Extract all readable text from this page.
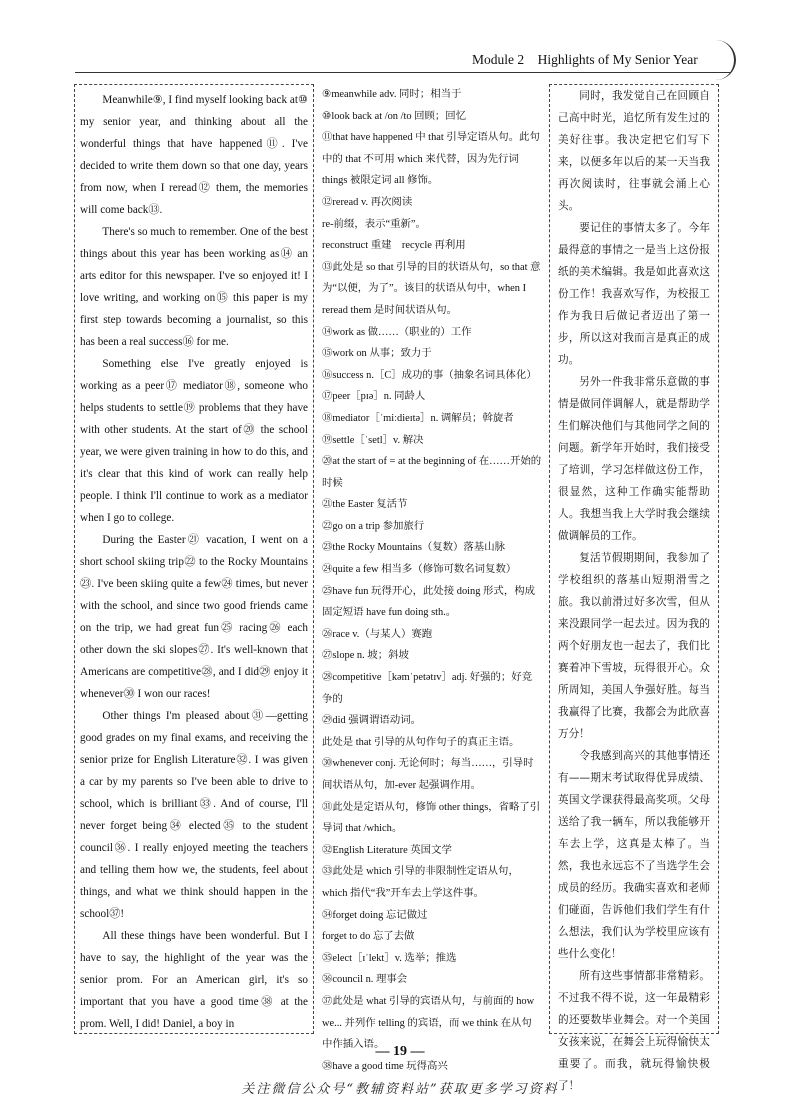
Module 2 Highlights of My Senior Year

Meanwhile⑨, I find myself looking back at⑩ my senior year, and thinking about all the wonderful things that have happened⑪. I've decided to write them down so that one day, years from now, when I reread⑫ them, the memories will come back⑬.

There's so much to remember. One of the best things about this year has been working as⑭ an arts editor for this newspaper. I've so enjoyed it! I love writing, and working on⑮ this paper is my first step towards becoming a journalist, so this has been a real success⑯ for me.

Something else I've greatly enjoyed is working as a peer⑰ mediator⑱, someone who helps students to settle⑲ problems that they have with other students. At the start of⑳ the school year, we were given training in how to do this, and it's clear that this kind of work can really help people. I think I'll continue to work as a mediator when I go to college.

During the Easter㉑ vacation, I went on a short school skiing trip㉒ to the Rocky Mountains㉓. I've been skiing quite a few㉔ times, but never with the school, and since two good friends came on the trip, we had great fun㉕ racing㉖ each other down the ski slopes㉗. It's well-known that Americans are competitive㉘, and I did㉙ enjoy it whenever㉚ I won our races!

Other things I'm pleased about㉛—getting good grades on my final exams, and receiving the senior prize for English Literature㉜. I was given a car by my parents so I've been able to drive to school, which is brilliant㉝. And of course, I'll never forget being㉞ elected㉟ to the student council㊱. I really enjoyed meeting the teachers and telling them how we, the students, feel about things, and what we think should happen in the school㊲!

All these things have been wonderful. But I have to say, the highlight of the year was the senior prom. For an American girl, it's so important that you have a good time㊳ at the prom. Well, I did! Daniel, a boy in

⑨meanwhile adv. 同时；相当于

⑩look back at /on /to 回顾；回忆

⑪that have happened 中 that 引导定语从句。此句中的 that 不可用 which 来代替，因为先行词 things 被限定词 all 修饰。

⑫reread v. 再次阅读

re-前缀，表示“重新”。

reconstruct 重建　recycle 再利用

⑬此处是 so that 引导的目的状语从句，so that 意为“以便，为了”。该目的状语从句中，when I reread them 是时间状语从句。

⑭work as 做……（职业的）工作

⑮work on 从事；致力于

⑯success n.［C］成功的事（抽象名词具体化）

⑰peer［pɪə］n. 同龄人

⑱mediator［ˈmiːdieɪtə］n. 调解员；斡旋者

⑲settle［ˈsetl］v. 解决

⑳at the start of = at the beginning of 在……开始的时候

㉑the Easter 复活节

㉒go on a trip 参加旅行

㉓the Rocky Mountains（复数）落基山脉

㉔quite a few 相当多（修饰可数名词复数）

㉕have fun 玩得开心，此处接 doing 形式，构成固定短语 have fun doing sth.。

㉖race v.（与某人）赛跑

㉗slope n. 坡；斜坡

㉘competitive［kəmˈpetətɪv］adj. 好强的；好竞争的

㉙did 强调谓语动词。

此处是 that 引导的从句作句子的真正主语。

㉚whenever conj. 无论何时；每当……，引导时间状语从句，加-ever 起强调作用。

㉛此处是定语从句，修饰 other things，省略了引导词 that /which。

㉜English Literature 英国文学

㉝此处是 which 引导的非限制性定语从句，which 指代“我”开车去上学这件事。

㉞forget doing 忘记做过

forget to do 忘了去做

㉟elect［ɪˈlekt］v. 选举；推选

㊱council n. 理事会

㊲此处是 what 引导的宾语从句，与前面的 how we... 并列作 telling 的宾语，而 we think 在从句中作插入语。

㊳have a good time 玩得高兴

同时，我发觉自己在回顾自己高中时光，追忆所有发生过的美好往事。我决定把它们写下来，以便多年以后的某一天当我再次阅读时，往事就会涌上心头。

要记住的事情太多了。今年最得意的事情之一是当上这份报纸的美术编辑。我是如此喜欢这份工作！我喜欢写作，为校报工作为我日后做记者迈出了第一步，所以这对我而言是真正的成功。

另外一件我非常乐意做的事情是做同伴调解人，就是帮助学生们解决他们与其他同学之间的问题。新学年开始时，我们接受了培训，学习怎样做这份工作，很显然，这种工作确实能帮助人。我想当我上大学时我会继续做调解员的工作。

复活节假期期间，我参加了学校组织的落基山短期滑雪之旅。我以前滑过好多次雪，但从来没跟同学一起去过。因为我的两个好朋友也一起去了，我们比赛着冲下雪坡，玩得很开心。众所周知，美国人争强好胜。每当我赢得了比赛，我都会为此欣喜万分！

令我感到高兴的其他事情还有——期末考试取得优异成绩、英国文学课获得最高奖项。父母送给了我一辆车，所以我能够开车去上学，这真是太棒了。当然，我也永远忘不了当选学生会成员的经历。我确实喜欢和老师们碰面，告诉他们我们学生有什么想法，我们认为学校里应该有些什么变化！

所有这些事情都非常精彩。不过我不得不说，这一年最精彩的还要数毕业舞会。对一个美国女孩来说，在舞会上玩得愉快太重要了。而我，就玩得愉快极了！

— 19 —
关注微信公众号“教辅资料站”获取更多学习资料
